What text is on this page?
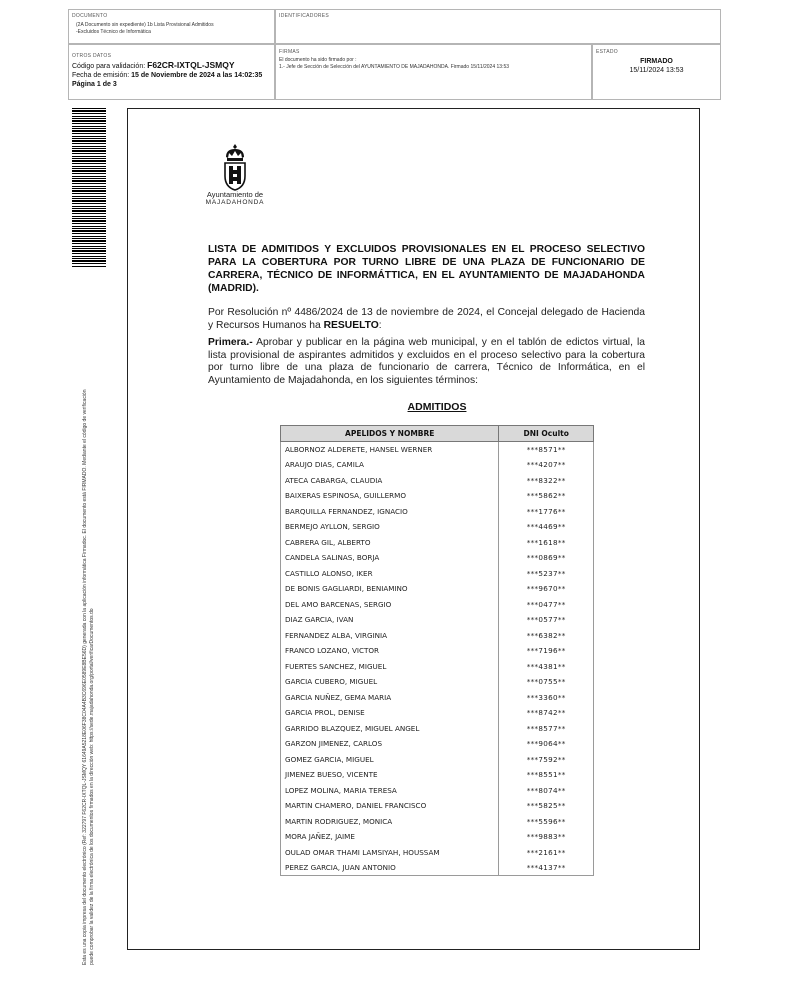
DOCUMENTO
(2A Documento sin expediente) 1b Lista Provisional Admitidos
-Excluidos Técnico de Informática
IDENTIFICADORES
OTROS DATOS
Código para validación: F62CR-IXTQL-JSMQY
Fecha de emisión: 15 de Noviembre de 2024 a las 14:02:35
Página 1 de 3
FIRMAS
El documento ha sido firmado por :
1.- Jefe de Sección de Selección del AYUNTAMIENTO DE MAJADAHONDA. Firmado 15/11/2024 13:53
ESTADO
FIRMADO
15/11/2024 13:53
Esta es una copia impresa del documento electrónico (Ref: 322797 F62CR-IXTQL-JSMQY 61649A5218E06F38C04A4B3C696E0589E8BE56D) generada con la aplicación informática Firmadoc. El documento está FIRMADO. Mediante el código de verificación puede comprobar la validez de la firma electrónica de los documentos firmados en la dirección web: https://sede.majadahonda.org/portal/verificarDocumentos.do
Ayuntamiento de
MAJADAHONDA
LISTA DE ADMITIDOS Y EXCLUIDOS PROVISIONALES EN EL PROCESO SELECTIVO PARA LA COBERTURA POR TURNO LIBRE DE UNA PLAZA DE FUNCIONARIO DE CARRERA, TÉCNICO DE INFORMÁTTICA, EN EL AYUNTAMIENTO DE MAJADAHONDA (MADRID).
Por Resolución nº 4486/2024 de 13 de noviembre de 2024, el Concejal delegado de Hacienda y Recursos Humanos ha RESUELTO:
Primera.- Aprobar y publicar en la página web municipal, y en el tablón de edictos virtual, la lista provisional de aspirantes admitidos y excluidos en el proceso selectivo para la cobertura por turno libre de una plaza de funcionario de carrera, Técnico de Informática, en el Ayuntamiento de Majadahonda, en los siguientes términos:
ADMITIDOS
APELIDOS Y NOMBRE	DNI Oculto
ALBORNOZ ALDERETE, HANSEL WERNER	***8571**
ARAUJO DIAS, CAMILA	***4207**
ATECA CABARGA, CLAUDIA	***8322**
BAIXERAS ESPINOSA, GUILLERMO	***5862**
BARQUILLA FERNANDEZ, IGNACIO	***1776**
BERMEJO AYLLON, SERGIO	***4469**
CABRERA GIL, ALBERTO	***1618**
CANDELA SALINAS, BORJA	***0869**
CASTILLO ALONSO, IKER	***5237**
DE BONIS GAGLIARDI, BENIAMINO	***9670**
DEL AMO BARCENAS, SERGIO	***0477**
DIAZ GARCIA, IVAN	***0577**
FERNANDEZ ALBA, VIRGINIA	***6382**
FRANCO LOZANO, VICTOR	***7196**
FUERTES SANCHEZ, MIGUEL	***4381**
GARCIA CUBERO, MIGUEL	***0755**
GARCIA NUÑEZ, GEMA MARIA	***3360**
GARCIA PROL, DENISE	***8742**
GARRIDO BLAZQUEZ, MIGUEL ANGEL	***8577**
GARZON JIMENEZ, CARLOS	***9064**
GOMEZ GARCIA, MIGUEL	***7592**
JIMENEZ BUESO, VICENTE	***8551**
LOPEZ MOLINA, MARIA TERESA	***8074**
MARTIN CHAMERO, DANIEL FRANCISCO	***5825**
MARTIN RODRIGUEZ, MONICA	***5596**
MORA JAÑEZ, JAIME	***9883**
OULAD OMAR THAMI LAMSIYAH, HOUSSAM	***2161**
PEREZ GARCIA, JUAN ANTONIO	***4137**
